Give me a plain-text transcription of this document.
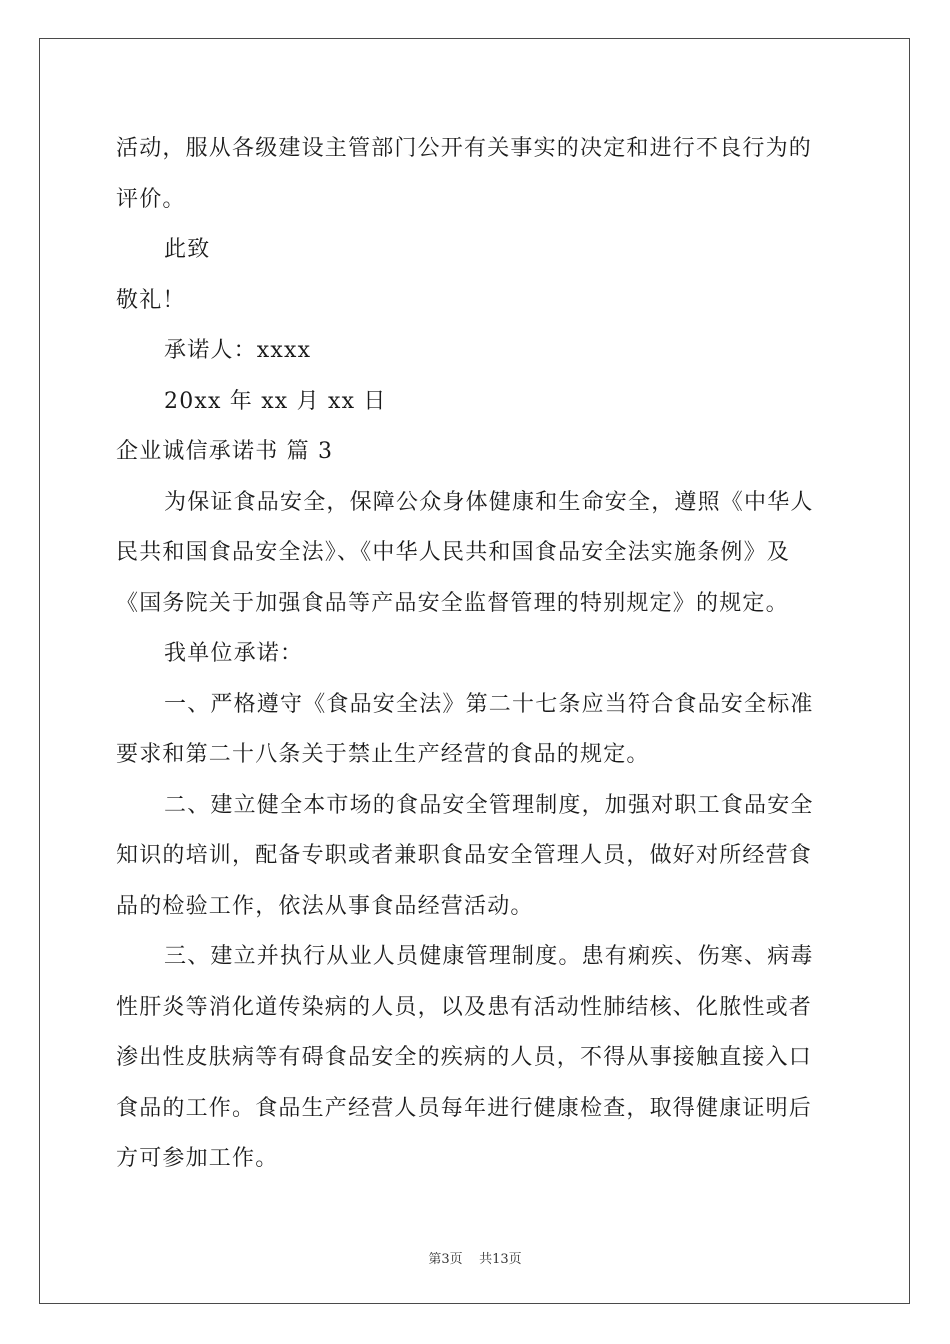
活动，服从各级建设主管部门公开有关事实的决定和进行不良行为的
评价。
此致
敬礼！
承诺人：xxxx
20xx 年 xx 月 xx 日
企业诚信承诺书 篇 3
为保证食品安全，保障公众身体健康和生命安全，遵照《中华人
民共和国食品安全法》、《中华人民共和国食品安全法实施条例》及
《国务院关于加强食品等产品安全监督管理的特别规定》的规定。
我单位承诺：
一、严格遵守《食品安全法》第二十七条应当符合食品安全标准
要求和第二十八条关于禁止生产经营的食品的规定。
二、建立健全本市场的食品安全管理制度，加强对职工食品安全
知识的培训，配备专职或者兼职食品安全管理人员，做好对所经营食
品的检验工作，依法从事食品经营活动。
三、建立并执行从业人员健康管理制度。患有痢疾、伤寒、病毒
性肝炎等消化道传染病的人员，以及患有活动性肺结核、化脓性或者
渗出性皮肤病等有碍食品安全的疾病的人员，不得从事接触直接入口
食品的工作。食品生产经营人员每年进行健康检查，取得健康证明后
方可参加工作。
第3页    共13页
